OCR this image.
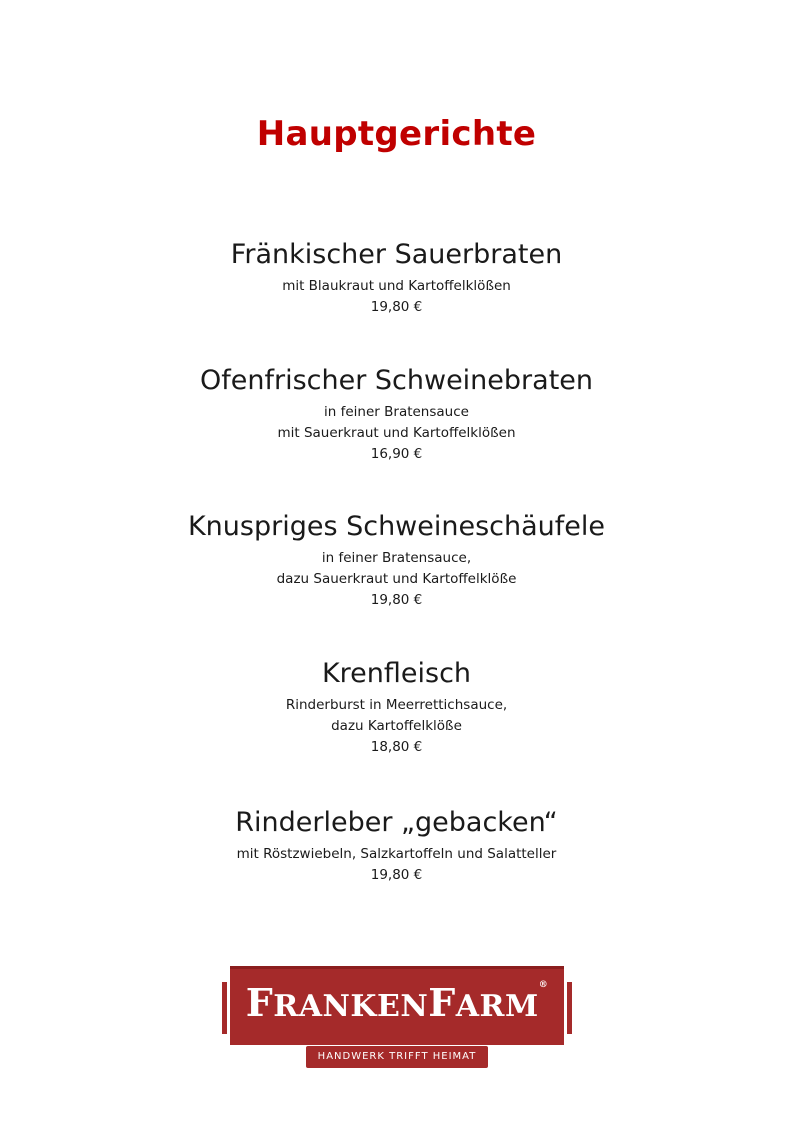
Hauptgerichte

Fränkischer Sauerbraten

mit Blaukraut und Kartoffelklößen

19,80 €

Ofenfrischer Schweinebraten

in feiner Bratensauce

mit Sauerkraut und Kartoffelklößen

16,90 €

Knuspriges Schweineschäufele

in feiner Bratensauce,

dazu Sauerkraut und Kartoffelklöße

19,80 €

Krenfleisch

Rinderburst in Meerrettichsauce,

dazu Kartoffelklöße

18,80 €

Rinderleber „gebacken“

mit Röstzwiebeln, Salzkartoffeln und Salatteller

19,80 €

FRANKENFARM®
HANDWERK TRIFFT HEIMAT
